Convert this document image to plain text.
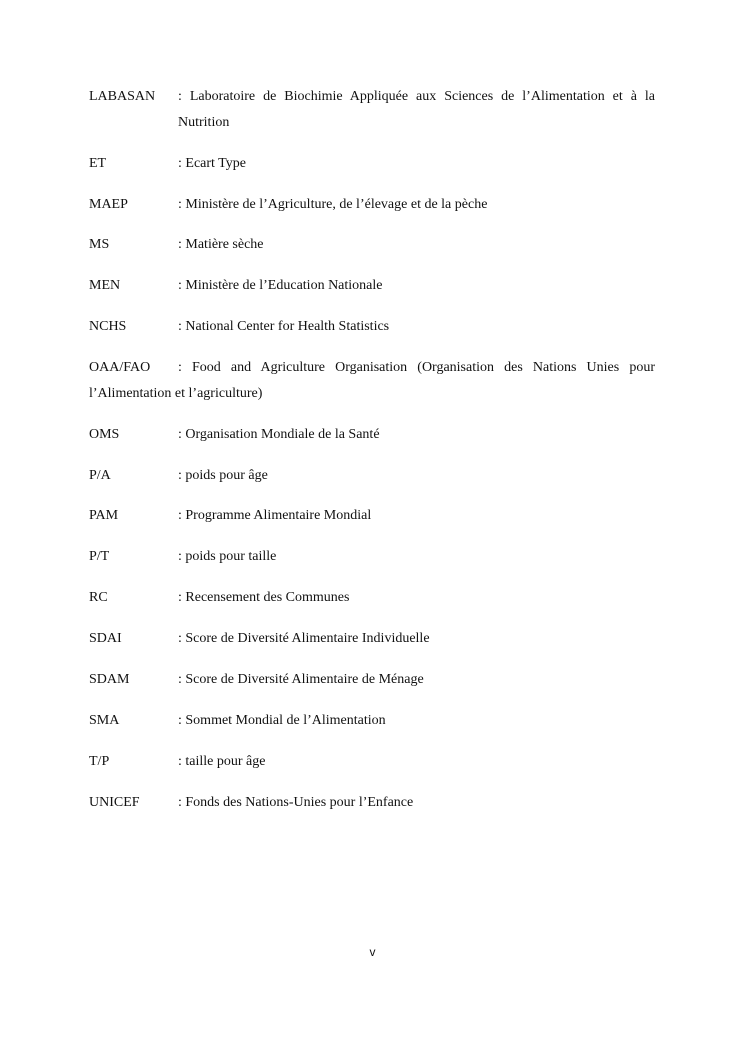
LABASAN : Laboratoire de Biochimie Appliquée aux Sciences de l’Alimentation et à la Nutrition
ET	: Ecart Type
MAEP	: Ministère de l’Agriculture, de l’élevage et de la pèche
MS	: Matière sèche
MEN	: Ministère de l’Education Nationale
NCHS	: National Center for Health Statistics
OAA/FAO : Food and Agriculture Organisation (Organisation des Nations Unies pour
l’Alimentation et l’agriculture)
OMS	: Organisation Mondiale de la Santé
P/A	: poids pour âge
PAM	: Programme Alimentaire Mondial
P/T	: poids pour taille
RC	: Recensement des Communes
SDAI	: Score de Diversité Alimentaire Individuelle
SDAM	: Score de Diversité Alimentaire de Ménage
SMA	: Sommet Mondial de l’Alimentation
T/P	: taille pour âge
UNICEF	: Fonds des Nations-Unies pour l’Enfance
v
